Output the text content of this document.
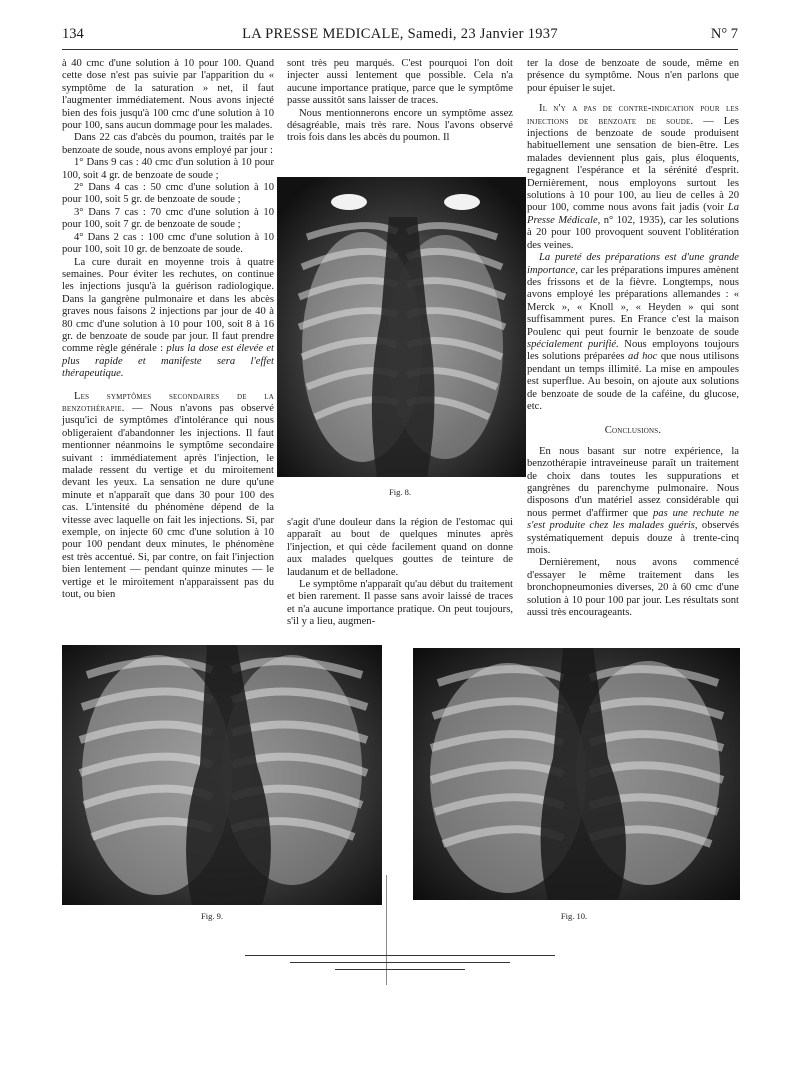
134	LA PRESSE MEDICALE, Samedi, 23 Janvier 1937	N° 7

à 40 cmc d'une solution à 10 pour 100. Quand cette dose n'est pas suivie par l'apparition du « symptôme de la saturation » net, il faut l'augmenter immédiatement. Nous avons injecté bien des fois jusqu'à 100 cmc d'une solution à 10 pour 100, sans aucun dommage pour les malades.

Dans 22 cas d'abcès du poumon, traités par le benzoate de soude, nous avons employé par jour :

1° Dans 9 cas : 40 cmc d'un solution à 10 pour 100, soit 4 gr. de benzoate de soude ;

2° Dans 4 cas : 50 cmc d'une solution à 10 pour 100, soit 5 gr. de benzoate de soude ;

3° Dans 7 cas : 70 cmc d'une solution à 10 pour 100, soit 7 gr. de benzoate de soude ;

4° Dans 2 cas : 100 cmc d'une solution à 10 pour 100, soit 10 gr. de benzoate de soude.

La cure durait en moyenne trois à quatre semaines. Pour éviter les rechutes, on continue les injections jusqu'à la guérison radiologique. Dans la gangrène pulmonaire et dans les abcès graves nous faisons 2 injections par jour de 40 à 80 cmc d'une solution à 10 pour 100, soit 8 à 16 gr. de benzoate de soude par jour. Il faut prendre comme règle générale : plus la dose est élevée et plus rapide et manifeste sera l'effet thérapeutique.

Les symptômes secondaires de la benzothérapie. — Nous n'avons pas observé jusqu'ici de symptômes d'intolérance qui nous obligeraient d'abandonner les injections. Il faut mentionner néanmoins le symptôme secondaire suivant : immédiatement après l'injection, le malade ressent du vertige et du miroitement devant les yeux. La sensation ne dure qu'une minute et n'apparaît que dans 30 pour 100 des cas. L'intensité du phénomène dépend de la vitesse avec laquelle on fait les injections. Si, par exemple, on injecte 60 cmc d'une solution à 10 pour 100 pendant deux minutes, le phénomène est très accentué. Si, par contre, on fait l'injection bien lentement — pendant quinze minutes — le vertige et le miroitement n'apparaissent pas du tout, ou bien

sont très peu marqués. C'est pourquoi l'on doit injecter aussi lentement que possible. Cela n'a aucune importance pratique, parce que le symptôme passe aussitôt sans laisser de traces.

Nous mentionnerons encore un symptôme assez désagréable, mais très rare. Nous l'avons observé trois fois dans les abcès du poumon. Il

Fig. 8.

s'agit d'une douleur dans la région de l'estomac qui apparaît au bout de quelques minutes après l'injection, et qui cède facilement quand on donne aux malades quelques gouttes de teinture de laudanum et de belladone.

Le symptôme n'apparaît qu'au début du traitement et bien rarement. Il passe sans avoir laissé de traces et n'a aucune importance pratique. On peut toujours, s'il y a lieu, augmen-

ter la dose de benzoate de soude, même en présence du symptôme. Nous n'en parlons que pour épuiser le sujet.

Il n'y a pas de contre-indication pour les injections de benzoate de soude. — Les injections de benzoate de soude produisent habituellement une sensation de bien-être. Les malades deviennent plus gais, plus éloquents, regagnent l'espérance et la sérénité d'esprit. Dernièrement, nous employons surtout les solutions à 10 pour 100, au lieu de celles à 20 pour 100, comme nous avons fait jadis (voir La Presse Médicale, n° 102, 1935), car les solutions à 20 pour 100 provoquent souvent l'oblitération des veines.

La pureté des préparations est d'une grande importance, car les préparations impures amènent des frissons et de la fièvre. Longtemps, nous avons employé les préparations allemandes : « Merck », « Knoll », « Heyden » qui sont suffisamment pures. En France c'est la maison Poulenc qui peut fournir le benzoate de soude spécialement purifié. Nous employons toujours les solutions préparées ad hoc que nous utilisons pendant un temps illimité. La mise en ampoules est superflue. Au besoin, on ajoute aux solutions de benzoate de soude de la caféine, du glucose, etc.

Conclusions.

En nous basant sur notre expérience, la benzothérapie intraveineuse paraît un traitement de choix dans toutes les suppurations et gangrènes du parenchyme pulmonaire. Nous disposons d'un matériel assez considérable qui nous permet d'affirmer que pas une rechute ne s'est produite chez les malades guéris, observés systématiquement depuis douze à trente-cinq mois.

Dernièrement, nous avons commencé d'essayer le même traitement dans les bronchopneumonies diverses, 20 à 60 cmc d'une solution à 10 pour 100 par jour. Les résultats sont aussi très encourageants.

Fig. 9.	Fig. 10.
